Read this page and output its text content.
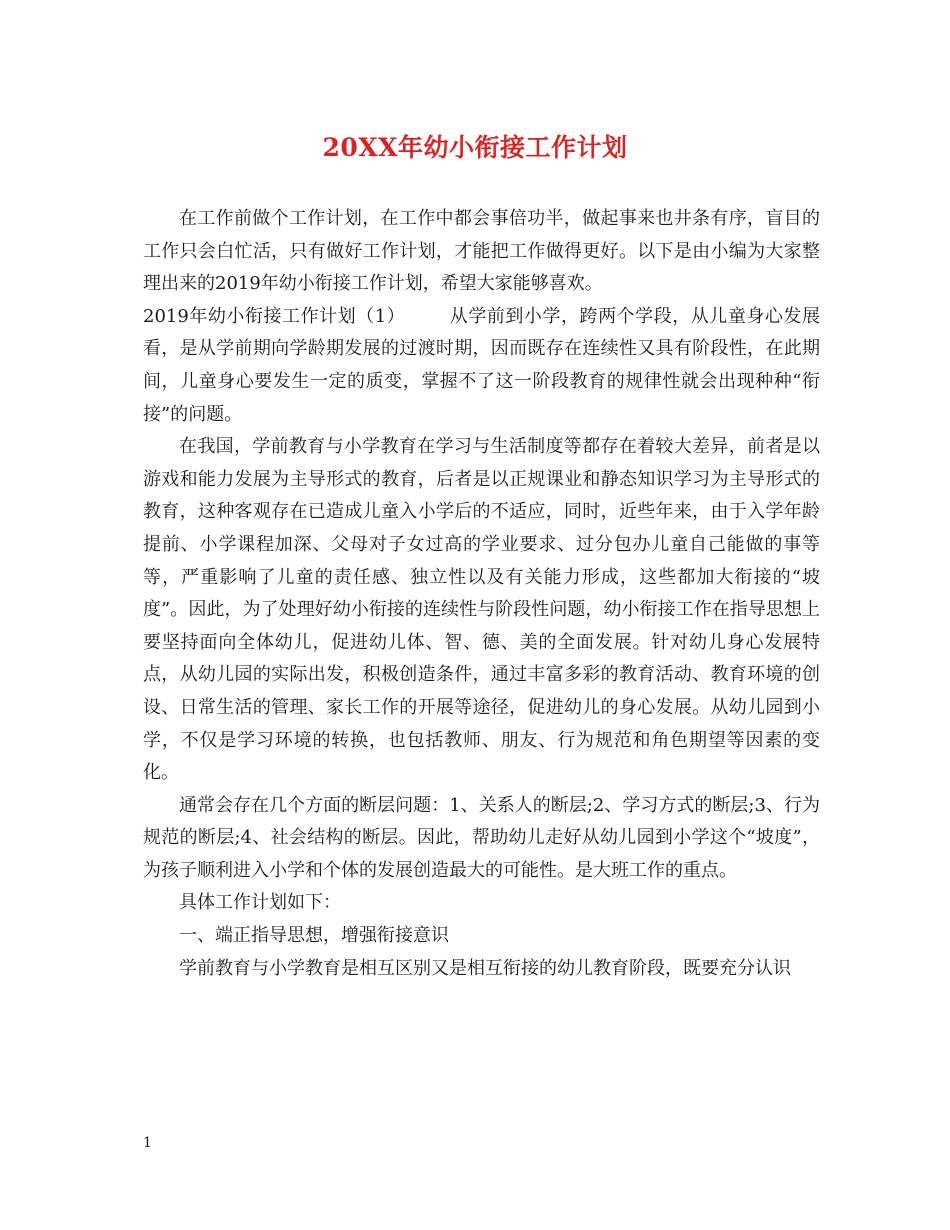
20XX年幼小衔接工作计划

在工作前做个工作计划，在工作中都会事倍功半，做起事来也井条有序，盲目的工作只会白忙活，只有做好工作计划，才能把工作做得更好。以下是由小编为大家整理出来的2019年幼小衔接工作计划，希望大家能够喜欢。

2019年幼小衔接工作计划（1） 从学前到小学，跨两个学段，从儿童身心发展看，是从学前期向学龄期发展的过渡时期，因而既存在连续性又具有阶段性，在此期间，儿童身心要发生一定的质变，掌握不了这一阶段教育的规律性就会出现种种“衔接”的问题。

在我国，学前教育与小学教育在学习与生活制度等都存在着较大差异，前者是以游戏和能力发展为主导形式的教育，后者是以正规课业和静态知识学习为主导形式的教育，这种客观存在已造成儿童入小学后的不适应，同时，近些年来，由于入学年龄提前、小学课程加深、父母对子女过高的学业要求、过分包办儿童自己能做的事等等，严重影响了儿童的责任感、独立性以及有关能力形成，这些都加大衔接的“坡度”。因此，为了处理好幼小衔接的连续性与阶段性问题，幼小衔接工作在指导思想上要坚持面向全体幼儿，促进幼儿体、智、德、美的全面发展。针对幼儿身心发展特点，从幼儿园的实际出发，积极创造条件，通过丰富多彩的教育活动、教育环境的创设、日常生活的管理、家长工作的开展等途径，促进幼儿的身心发展。从幼儿园到小学，不仅是学习环境的转换，也包括教师、朋友、行为规范和角色期望等因素的变化。

通常会存在几个方面的断层问题：1、关系人的断层;2、学习方式的断层;3、行为规范的断层;4、社会结构的断层。因此，帮助幼儿走好从幼儿园到小学这个“坡度”，为孩子顺利进入小学和个体的发展创造最大的可能性。是大班工作的重点。

具体工作计划如下：

一、端正指导思想，增强衔接意识

学前教育与小学教育是相互区别又是相互衔接的幼儿教育阶段，既要充分认识

1
